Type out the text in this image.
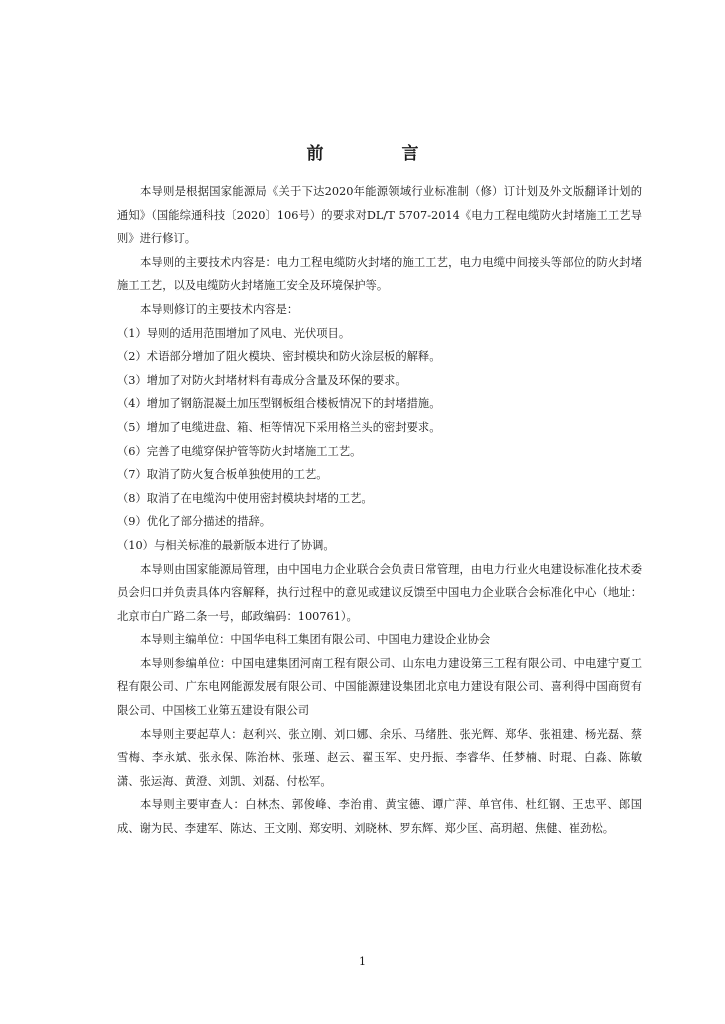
前 言

本导则是根据国家能源局《关于下达2020年能源领域行业标准制（修）订计划及外文版翻译计划的通知》（国能综通科技〔2020〕106号）的要求对DL/T 5707-2014《电力工程电缆防火封堵施工工艺导则》进行修订。

本导则的主要技术内容是：电力工程电缆防火封堵的施工工艺，电力电缆中间接头等部位的防火封堵施工工艺，以及电缆防火封堵施工安全及环境保护等。

本导则修订的主要技术内容是：

（1）导则的适用范围增加了风电、光伏项目。

（2）术语部分增加了阻火模块、密封模块和防火涂层板的解释。

（3）增加了对防火封堵材料有毒成分含量及环保的要求。

（4）增加了钢筋混凝土加压型钢板组合楼板情况下的封堵措施。

（5）增加了电缆进盘、箱、柜等情况下采用格兰头的密封要求。

（6）完善了电缆穿保护管等防火封堵施工工艺。

（7）取消了防火复合板单独使用的工艺。

（8）取消了在电缆沟中使用密封模块封堵的工艺。

（9）优化了部分描述的措辞。

（10）与相关标准的最新版本进行了协调。

本导则由国家能源局管理，由中国电力企业联合会负责日常管理，由电力行业火电建设标准化技术委员会归口并负责具体内容解释，执行过程中的意见或建议反馈至中国电力企业联合会标准化中心（地址：北京市白广路二条一号，邮政编码：100761）。

本导则主编单位：中国华电科工集团有限公司、中国电力建设企业协会

本导则参编单位：中国电建集团河南工程有限公司、山东电力建设第三工程有限公司、中电建宁夏工程有限公司、广东电网能源发展有限公司、中国能源建设集团北京电力建设有限公司、喜利得中国商贸有限公司、中国核工业第五建设有限公司

本导则主要起草人：赵利兴、张立刚、刘口娜、余乐、马绪胜、张光辉、郑华、张祖建、杨光磊、蔡雪梅、李永斌、张永保、陈治林、张瑾、赵云、翟玉军、史丹振、李睿华、任梦楠、时琨、白淼、陈敏潇、张运海、黄澄、刘凯、刘磊、付松军。

本导则主要审查人：白林杰、郭俊峰、李治甫、黄宝德、谭广萍、单官伟、杜红钢、王忠平、郎国成、谢为民、李建军、陈达、王文刚、郑安明、刘晓林、罗东辉、郑少匡、高玥超、焦健、崔劲松。

1
